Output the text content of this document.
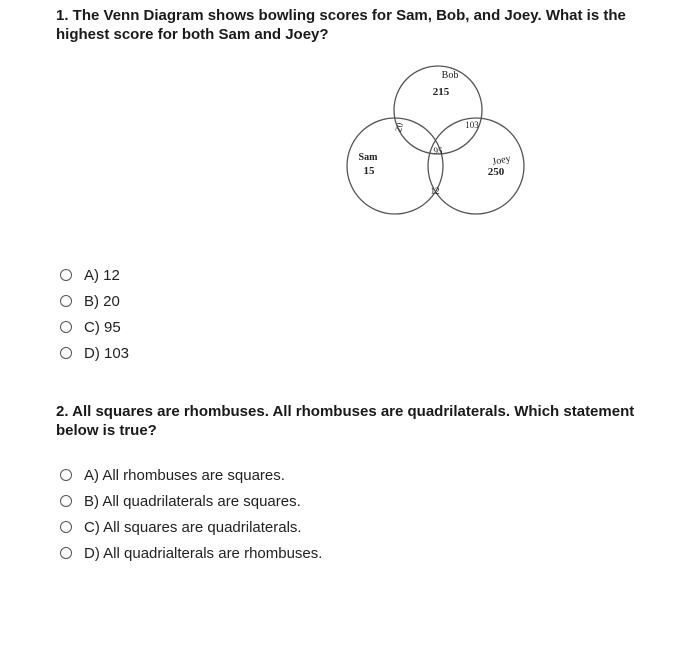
1. The Venn Diagram shows bowling scores for Sam, Bob, and Joey. What is the highest score for both Sam and Joey?
Bob
215
20	103
95
Sam
15
Joey
250
12
A) 12
B) 20
C) 95
D) 103
2. All squares are rhombuses. All rhombuses are quadrilaterals. Which statement below is true?
A) All rhombuses are squares.
B) All quadrilaterals are squares.
C) All squares are quadrilaterals.
D) All quadrialterals are rhombuses.
